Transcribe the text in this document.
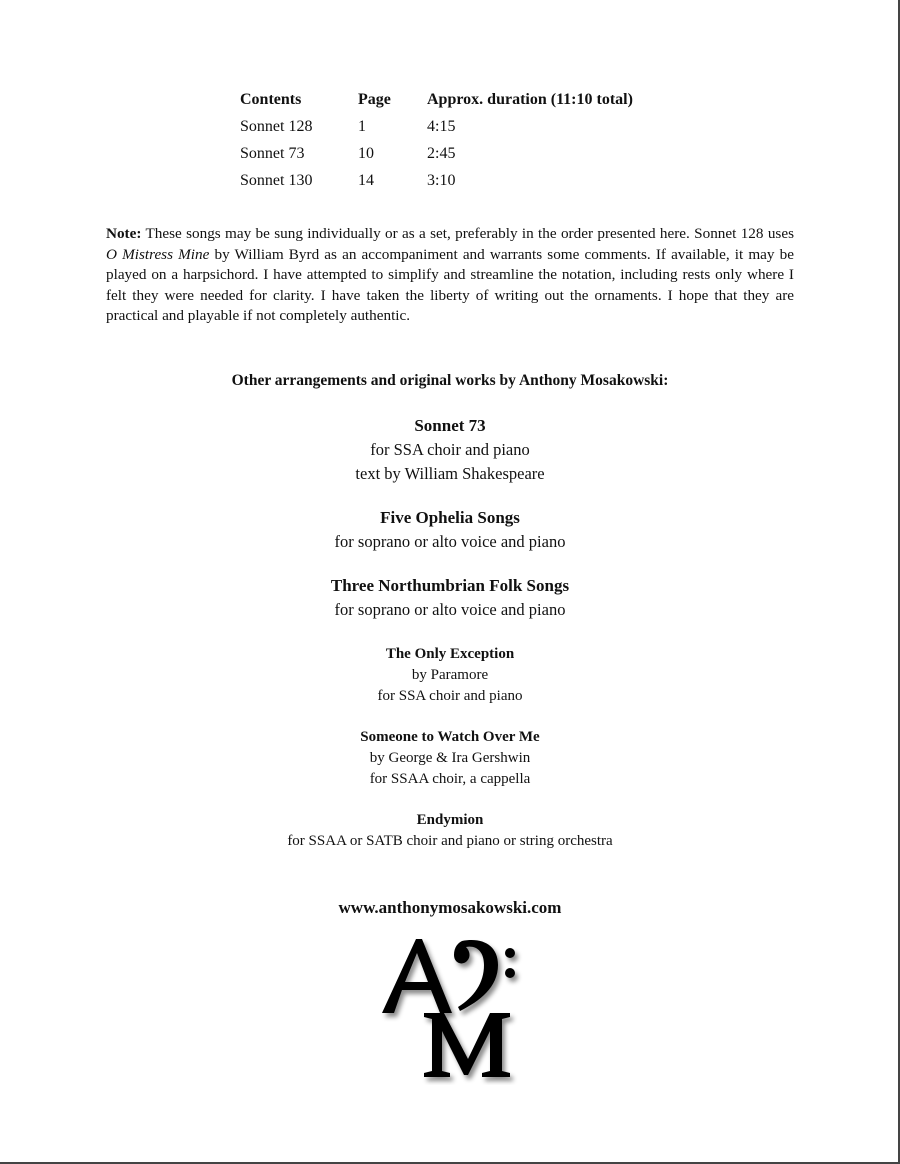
Contents	Page	Approx. duration (11:10 total)
Sonnet 128	1	4:15
Sonnet 73	10	2:45
Sonnet 130	14	3:10

Note: These songs may be sung individually or as a set, preferably in the order presented here. Sonnet 128 uses O Mistress Mine by William Byrd as an accompaniment and warrants some comments. If available, it may be played on a harpsichord. I have attempted to simplify and streamline the notation, including rests only where I felt they were needed for clarity. I have taken the liberty of writing out the ornaments. I hope that they are practical and playable if not completely authentic.

Other arrangements and original works by Anthony Mosakowski:
Sonnet 73
for SSA choir and piano
text by William Shakespeare
Five Ophelia Songs
for soprano or alto voice and piano
Three Northumbrian Folk Songs
for soprano or alto voice and piano
The Only Exception
by Paramore
for SSA choir and piano
Someone to Watch Over Me
by George & Ira Gershwin
for SSAA choir, a cappella
Endymion
for SSAA or SATB choir and piano or string orchestra
www.anthonymosakowski.com
